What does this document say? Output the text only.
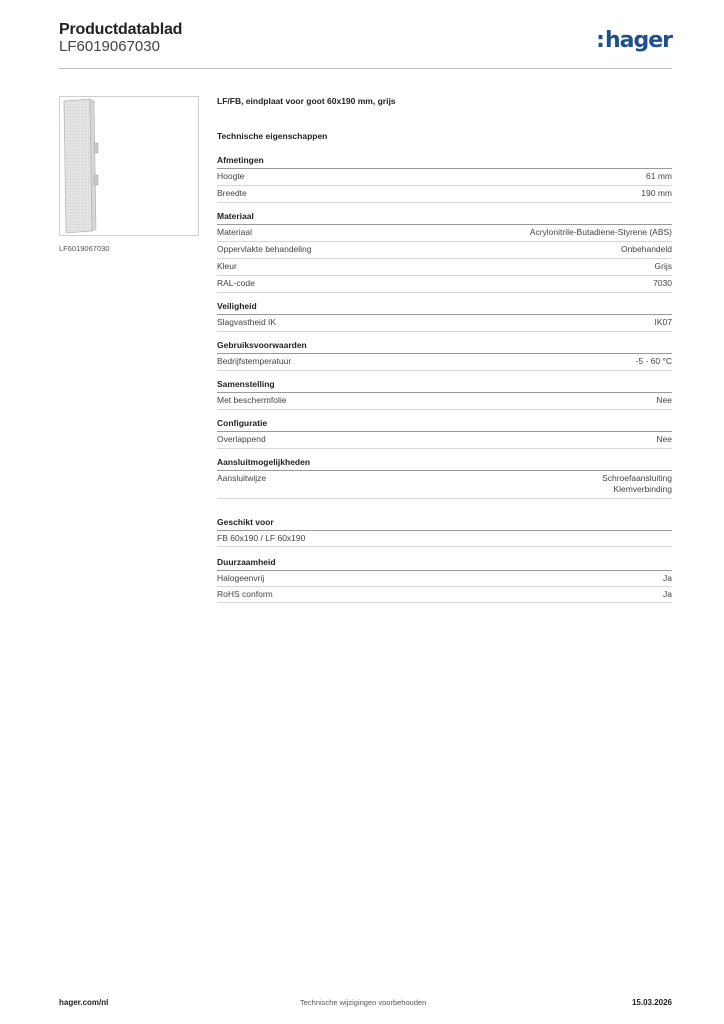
Productdatablad
LF6019067030	:hager
LF6019067030
LF/FB, eindplaat voor goot 60x190 mm, grijs
Technische eigenschappen
Afmetingen
Hoogte	61 mm
Breedte	190 mm
Materiaal
Materiaal	Acrylonitrile-Butadiene-Styrene (ABS)
Oppervlakte behandeling	Onbehandeld
Kleur	Grijs
RAL-code	7030
Veiligheid
Slagvastheid IK	IK07
Gebruiksvoorwaarden
Bedrijfstemperatuur	-5 - 60 °C
Samenstelling
Met beschermfolie	Nee
Configuratie
Overlappend	Nee
Aansluitmogelijkheden
Aansluitwijze	Schroefaansluiting
Klemverbinding
Geschikt voor
FB 60x190 / LF 60x190
Duurzaamheid
Halogeenvrij	Ja
RoHS conform	Ja
hager.com/nl	Technische wijzigingen voorbehouden	15.03.2026
